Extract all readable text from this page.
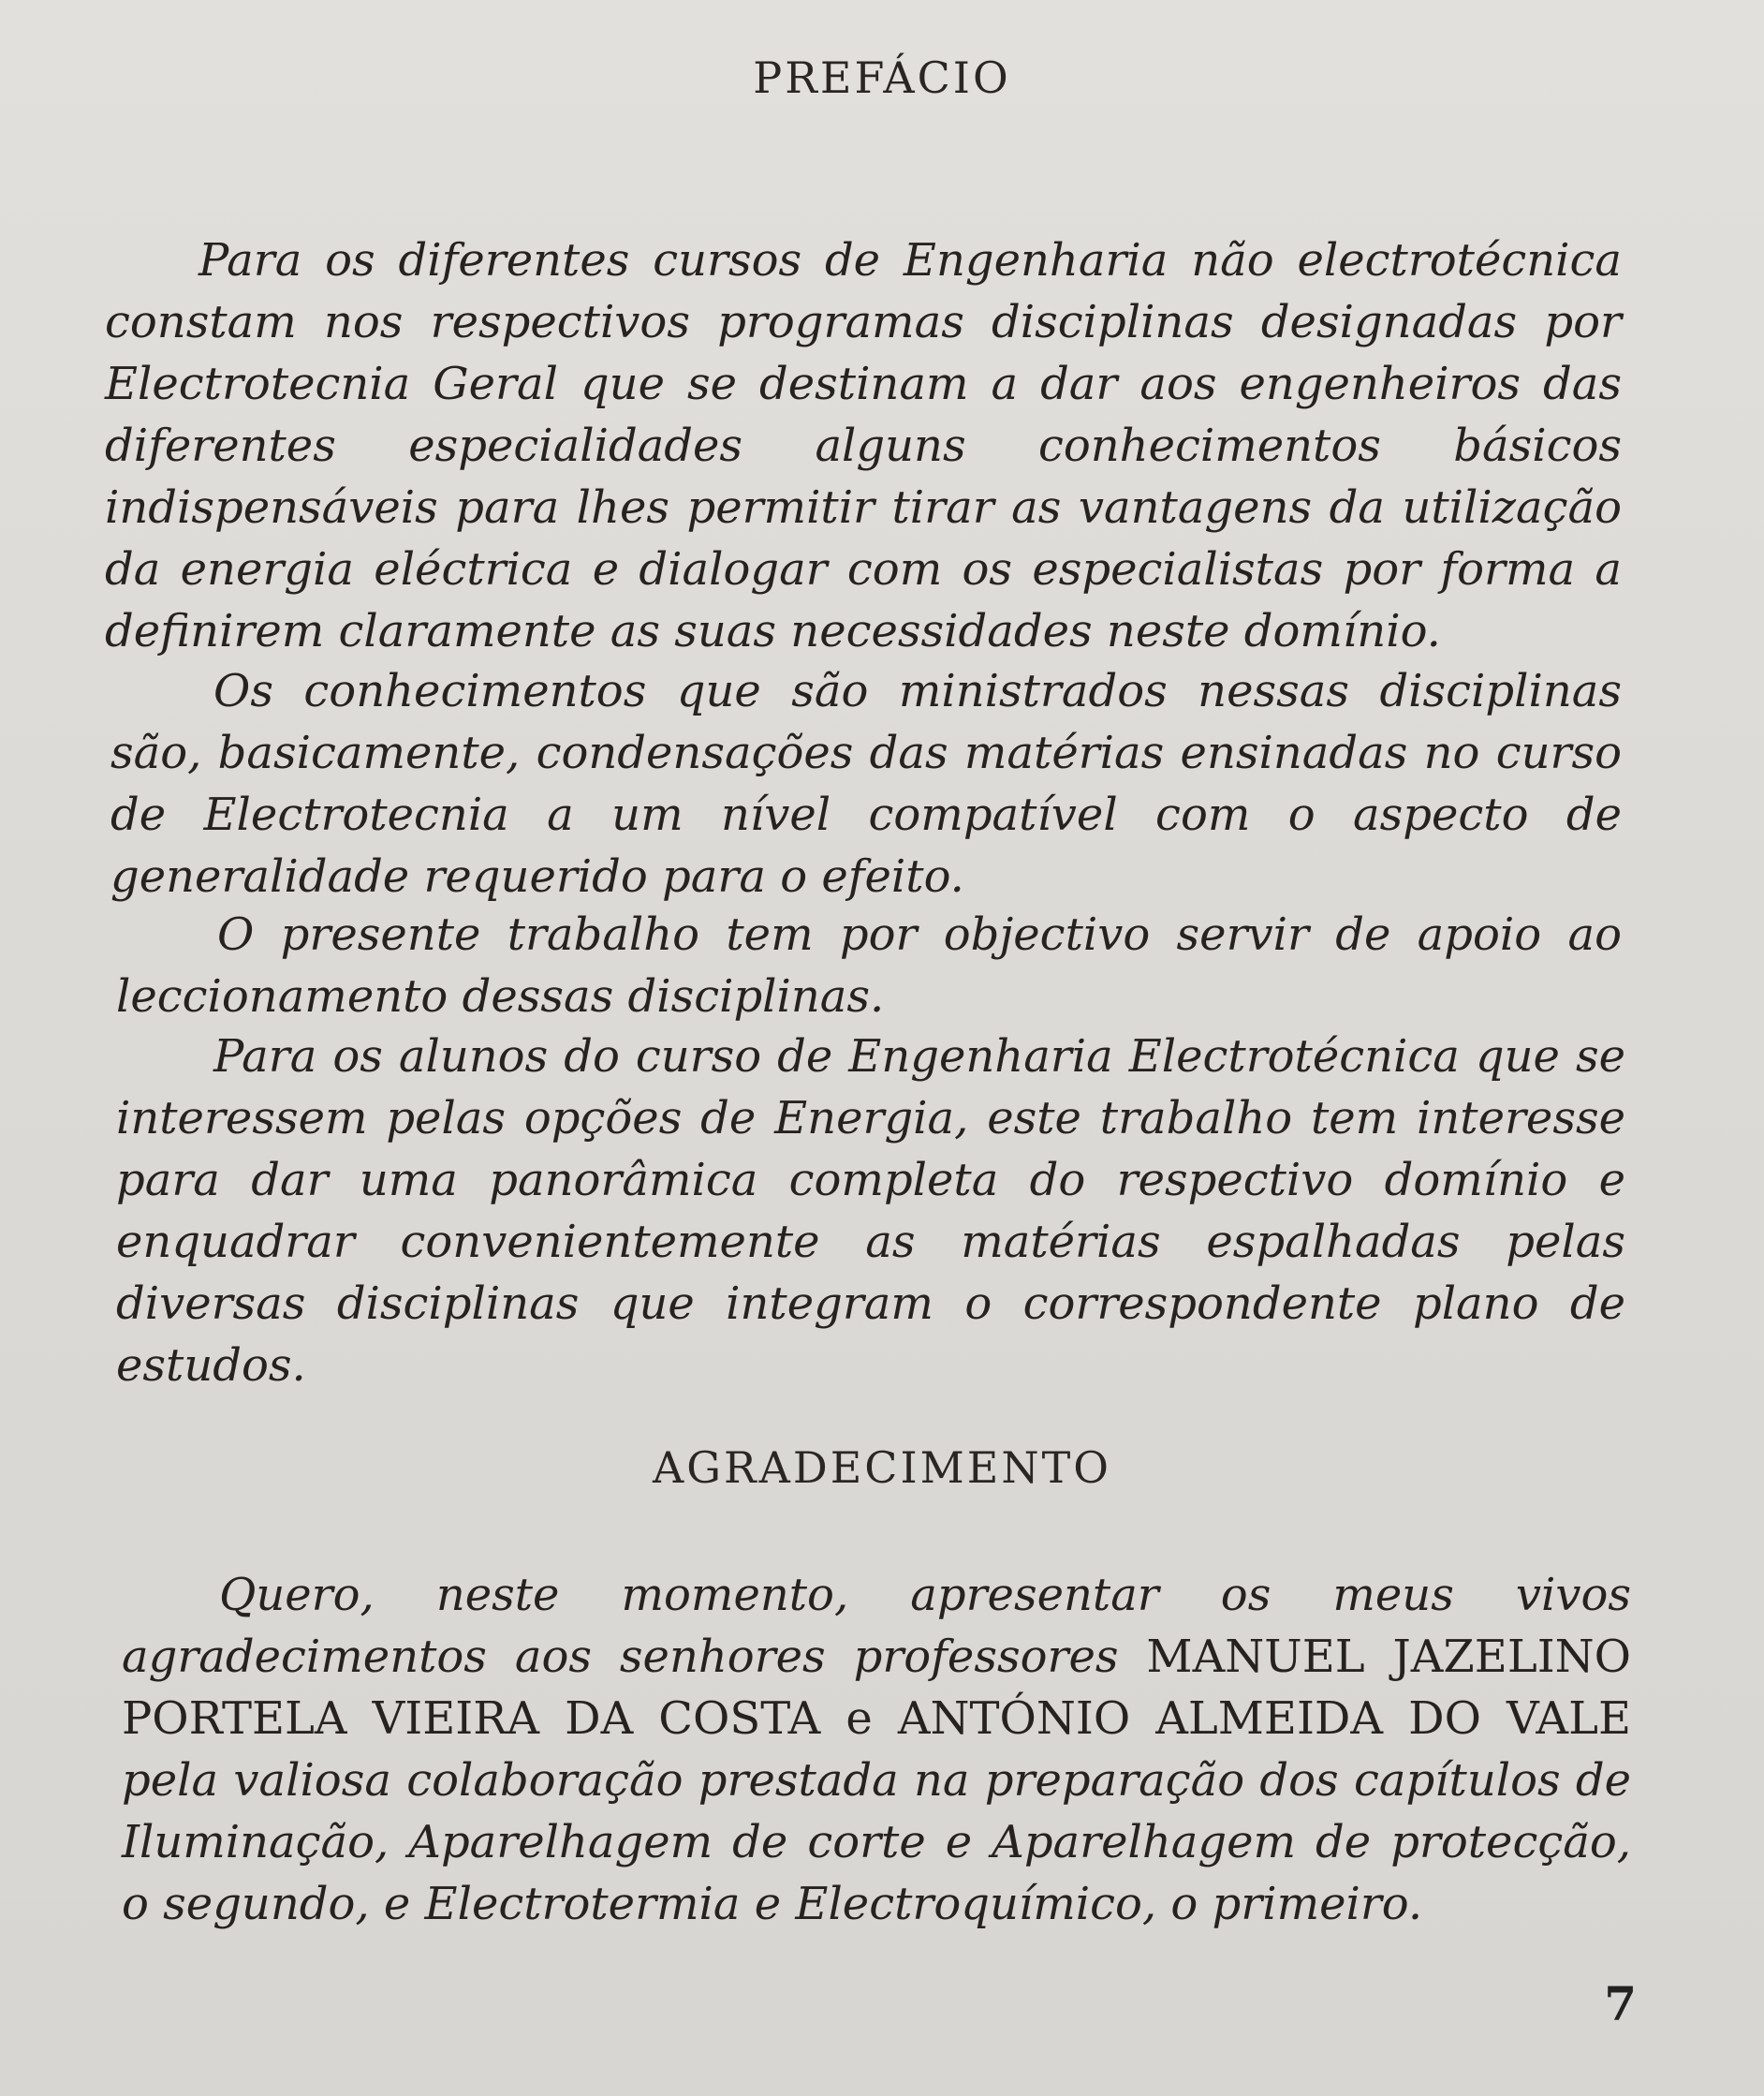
PREFÁCIO

Para os diferentes cursos de Engenharia não electrotécnica constam nos respectivos programas disciplinas designadas por Electrotecnia Geral que se destinam a dar aos engenheiros das diferentes especialidades alguns conhecimentos básicos indispensáveis para lhes permitir tirar as vantagens da utilização da energia eléctrica e dialogar com os especialistas por forma a definirem claramente as suas necessidades neste domínio.

Os conhecimentos que são ministrados nessas disciplinas são, basicamente, condensações das matérias ensinadas no curso de Electrotecnia a um nível compatível com o aspecto de generalidade requerido para o efeito.

O presente trabalho tem por objectivo servir de apoio ao leccionamento dessas disciplinas.

Para os alunos do curso de Engenharia Electrotécnica que se interessem pelas opções de Energia, este trabalho tem interesse para dar uma panorâmica completa do respectivo domínio e enquadrar convenientemente as matérias espalhadas pelas diversas disciplinas que integram o correspondente plano de estudos.

AGRADECIMENTO

Quero, neste momento, apresentar os meus vivos agradecimentos aos senhores professores MANUEL JAZELINO PORTELA VIEIRA DA COSTA e ANTÓNIO ALMEIDA DO VALE pela valiosa colaboração prestada na preparação dos capítulos de Iluminação, Aparelhagem de corte e Aparelhagem de protecção, o segundo, e Electrotermia e Electroquímico, o primeiro.

7
